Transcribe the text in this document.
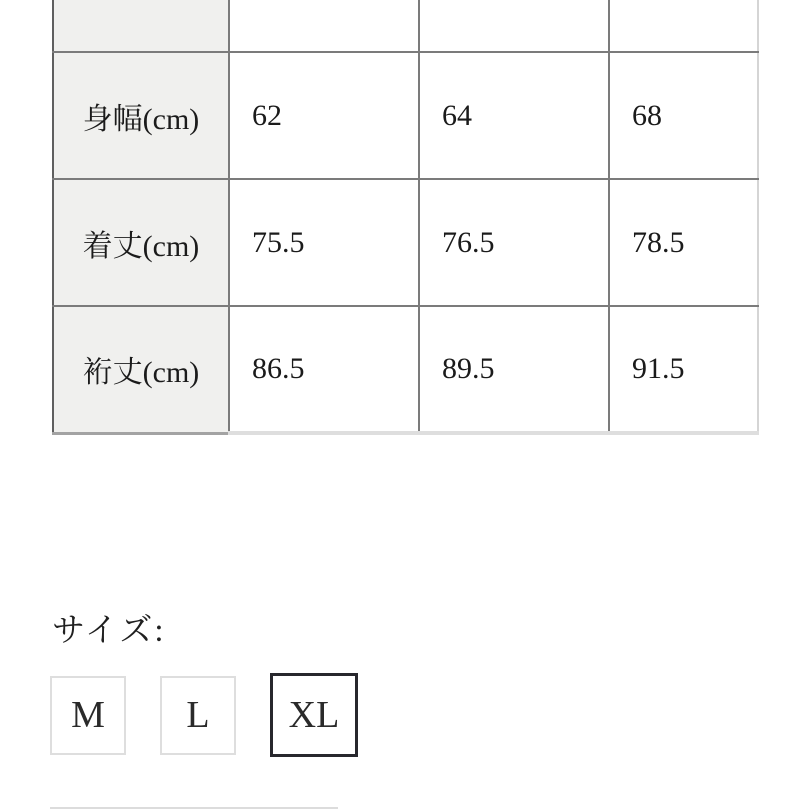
身幅(cm)	62	64	68
着丈(cm)	75.5	76.5	78.5
裄丈(cm)	86.5	89.5	91.5
サイズ:
M	L	XL
